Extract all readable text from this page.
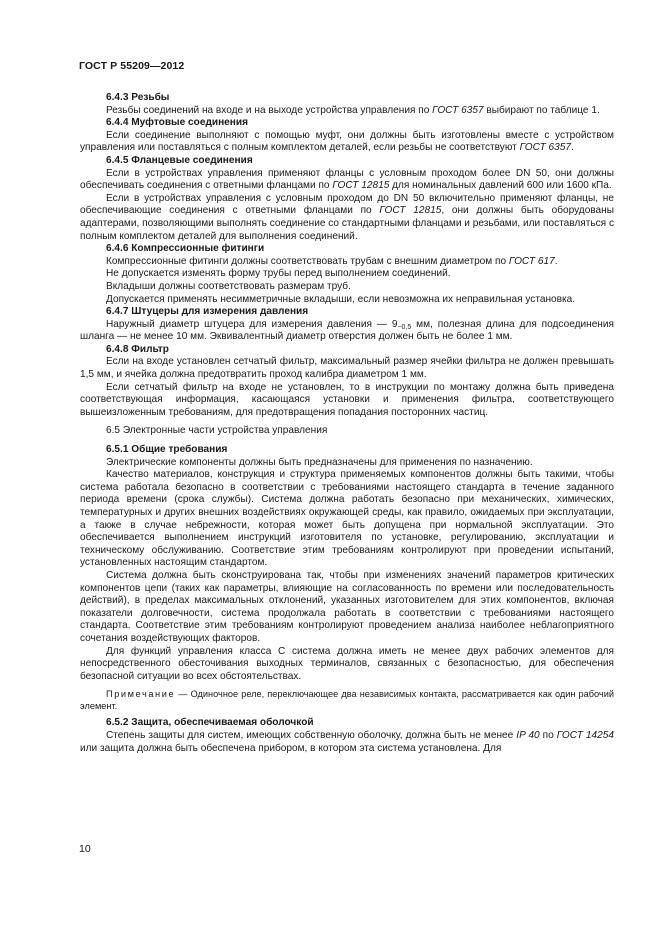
ГОСТ Р 55209—2012

6.4.3 Резьбы

Резьбы соединений на входе и на выходе устройства управления по ГОСТ 6357 выбирают по таблице 1.

6.4.4 Муфтовые соединения

Если соединение выполняют с помощью муфт, они должны быть изготовлены вместе с устройством управления или поставляться с полным комплектом деталей, если резьбы не соответствуют ГОСТ 6357.

6.4.5 Фланцевые соединения

Если в устройствах управления применяют фланцы с условным проходом более DN 50, они должны обеспечивать соединения с ответными фланцами по ГОСТ 12815 для номинальных давлений 600 или 1600 кПа.

Если в устройствах управления с условным проходом до DN 50 включительно применяют фланцы, не обеспечивающие соединения с ответными фланцами по ГОСТ 12815, они должны быть оборудованы адаптерами, позволяющими выполнять соединение со стандартными фланцами и резьбами, или поставляться с полным комплектом деталей для выполнения соединений.

6.4.6 Компрессионные фитинги

Компрессионные фитинги должны соответствовать трубам с внешним диаметром по ГОСТ 617.

Не допускается изменять форму трубы перед выполнением соединений.

Вкладыши должны соответствовать размерам труб.

Допускается применять несимметричные вкладыши, если невозможна их неправильная установка.

6.4.7 Штуцеры для измерения давления

Наружный диаметр штуцера для измерения давления — $9_{-0,5}$ мм, полезная длина для подсоединения шланга — не менее 10 мм. Эквивалентный диаметр отверстия должен быть не более 1 мм.

6.4.8 Фильтр

Если на входе установлен сетчатый фильтр, максимальный размер ячейки фильтра не должен превышать 1,5 мм, и ячейка должна предотвратить проход калибра диаметром 1 мм.

Если сетчатый фильтр на входе не установлен, то в инструкции по монтажу должна быть приведена соответствующая информация, касающаяся установки и применения фильтра, соответствующего вышеизложенным требованиям, для предотвращения попадания посторонних частиц.

6.5 Электронные части устройства управления

6.5.1 Общие требования

Электрические компоненты должны быть предназначены для применения по назначению.

Качество материалов, конструкция и структура применяемых компонентов должны быть такими, чтобы система работала безопасно в соответствии с требованиями настоящего стандарта в течение заданного периода времени (срока службы). Система должна работать безопасно при механических, химических, температурных и других внешних воздействиях окружающей среды, как правило, ожидаемых при эксплуатации, а также в случае небрежности, которая может быть допущена при нормальной эксплуатации. Это обеспечивается выполнением инструкций изготовителя по установке, регулированию, эксплуатации и техническому обслуживанию. Соответствие этим требованиям контролируют при проведении испытаний, установленных настоящим стандартом.

Система должна быть сконструирована так, чтобы при изменениях значений параметров критических компонентов цепи (таких как параметры, влияющие на согласованность по времени или последовательность действий), в пределах максимальных отклонений, указанных изготовителем для этих компонентов, включая показатели долговечности, система продолжала работать в соответствии с требованиями настоящего стандарта. Соответствие этим требованиям контролируют проведением анализа наиболее неблагоприятного сочетания воздействующих факторов.

Для функций управления класса С система должна иметь не менее двух рабочих элементов для непосредственного обесточивания выходных терминалов, связанных с безопасностью, для обеспечения безопасной ситуации во всех обстоятельствах.

Примечание — Одиночное реле, переключающее два независимых контакта, рассматривается как один рабочий элемент.

6.5.2 Защита, обеспечиваемая оболочкой

Степень защиты для систем, имеющих собственную оболочку, должна быть не менее IP 40 по ГОСТ 14254 или защита должна быть обеспечена прибором, в котором эта система установлена. Для

10
